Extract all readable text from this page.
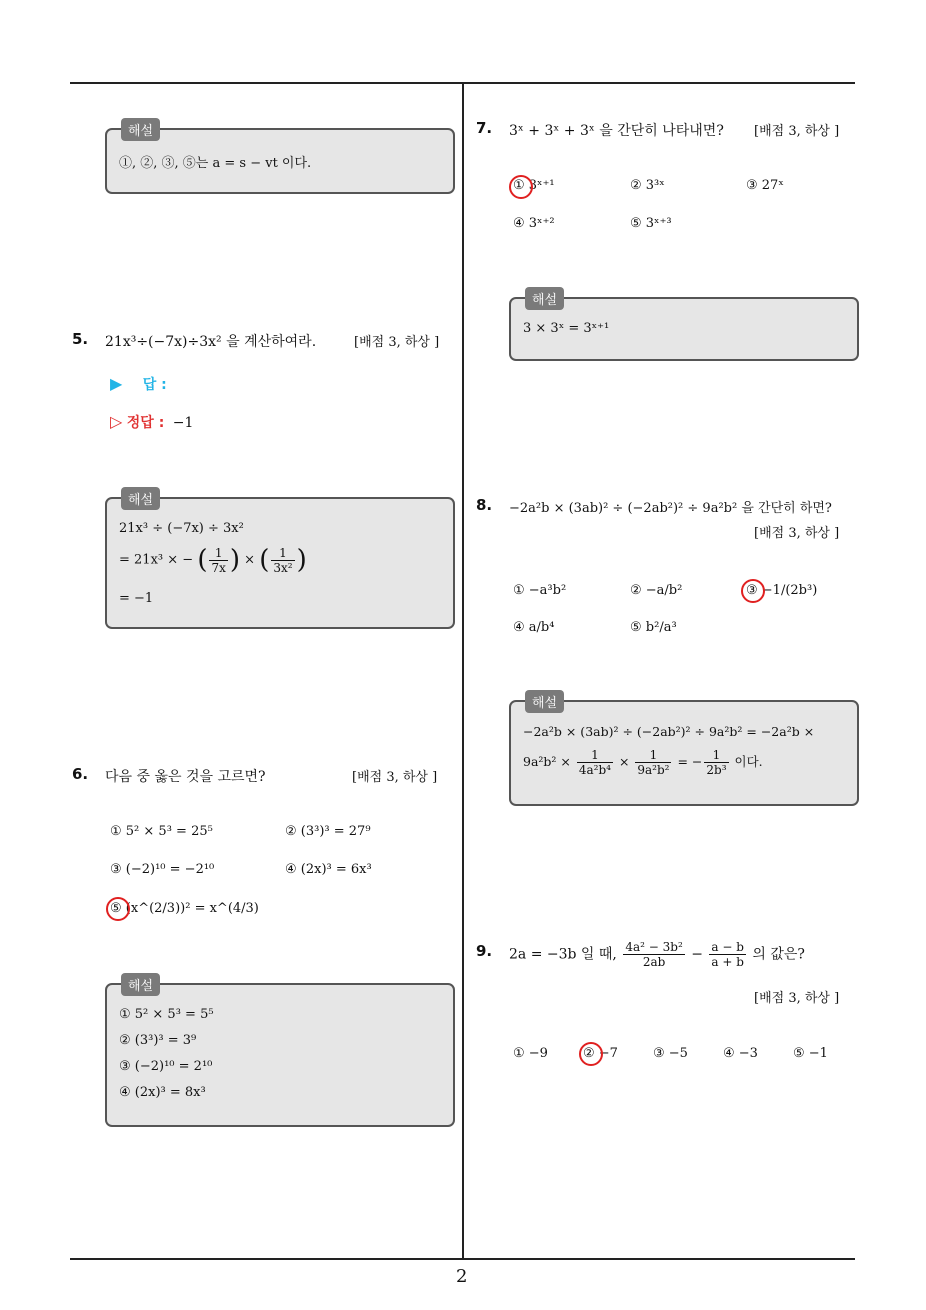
2
해설
①, ②, ③, ⑤는 a = s − vt 이다.
5. 21x³÷(−7x)÷3x² 을 계산하여라.	[배점 3, 하상 ]
▶ 답 :
▷ 정답 : −1
해설
21x³ ÷ (−7x) ÷ 3x²
= 21x³ × − ( $\frac{1}{7x}$ ) × ( $\frac{1}{\text{3x²}}$ )
= −1
6. 다음 중 옳은 것을 고르면?	[배점 3, 하상 ]
① 5² × 5³ = 25⁵	② (3³)³ = 27⁹
③ (−2)¹⁰ = −2¹⁰	④ (2x)³ = 6x³
⑤ (x^(2/3))² = x^(4/3)
해설
① 5² × 5³ = 5⁵
② (3³)³ = 3⁹
③ (−2)¹⁰ = 2¹⁰
④ (2x)³ = 8x³
7. 3ˣ + 3ˣ + 3ˣ 을 간단히 나타내면? [배점 3, 하상 ]
① 3ˣ⁺¹	② 3³ˣ	③ 27ˣ
④ 3ˣ⁺²	⑤ 3ˣ⁺³
해설
3 × 3ˣ = 3ˣ⁺¹
8. −2a²b × (3ab)² ÷ (−2ab²)² ÷ 9a²b² 을 간단히 하면?
[배점 3, 하상 ]
① −a³b²	② −a/b²	③ −1/(2b³)
④ a/b⁴	⑤ b²/a³
해설
−2a²b × (3ab)² ÷ (−2ab²)² ÷ 9a²b² = −2a²b ×
$9a^2b^2 \times \frac{1}{\text{4a²b⁴}} \times \frac{1}{\text{9a²b²}}$ = − $\frac{1}{\text{2b³}}$ 이다.
9. 2a = −3b 일 때, $\frac{\text{4a² − 3b²}}{2ab} - \frac{a - b}{a + b}$ 의 값은?
[배점 3, 하상 ]
① −9	② −7	③ −5	④ −3	⑤ −1
